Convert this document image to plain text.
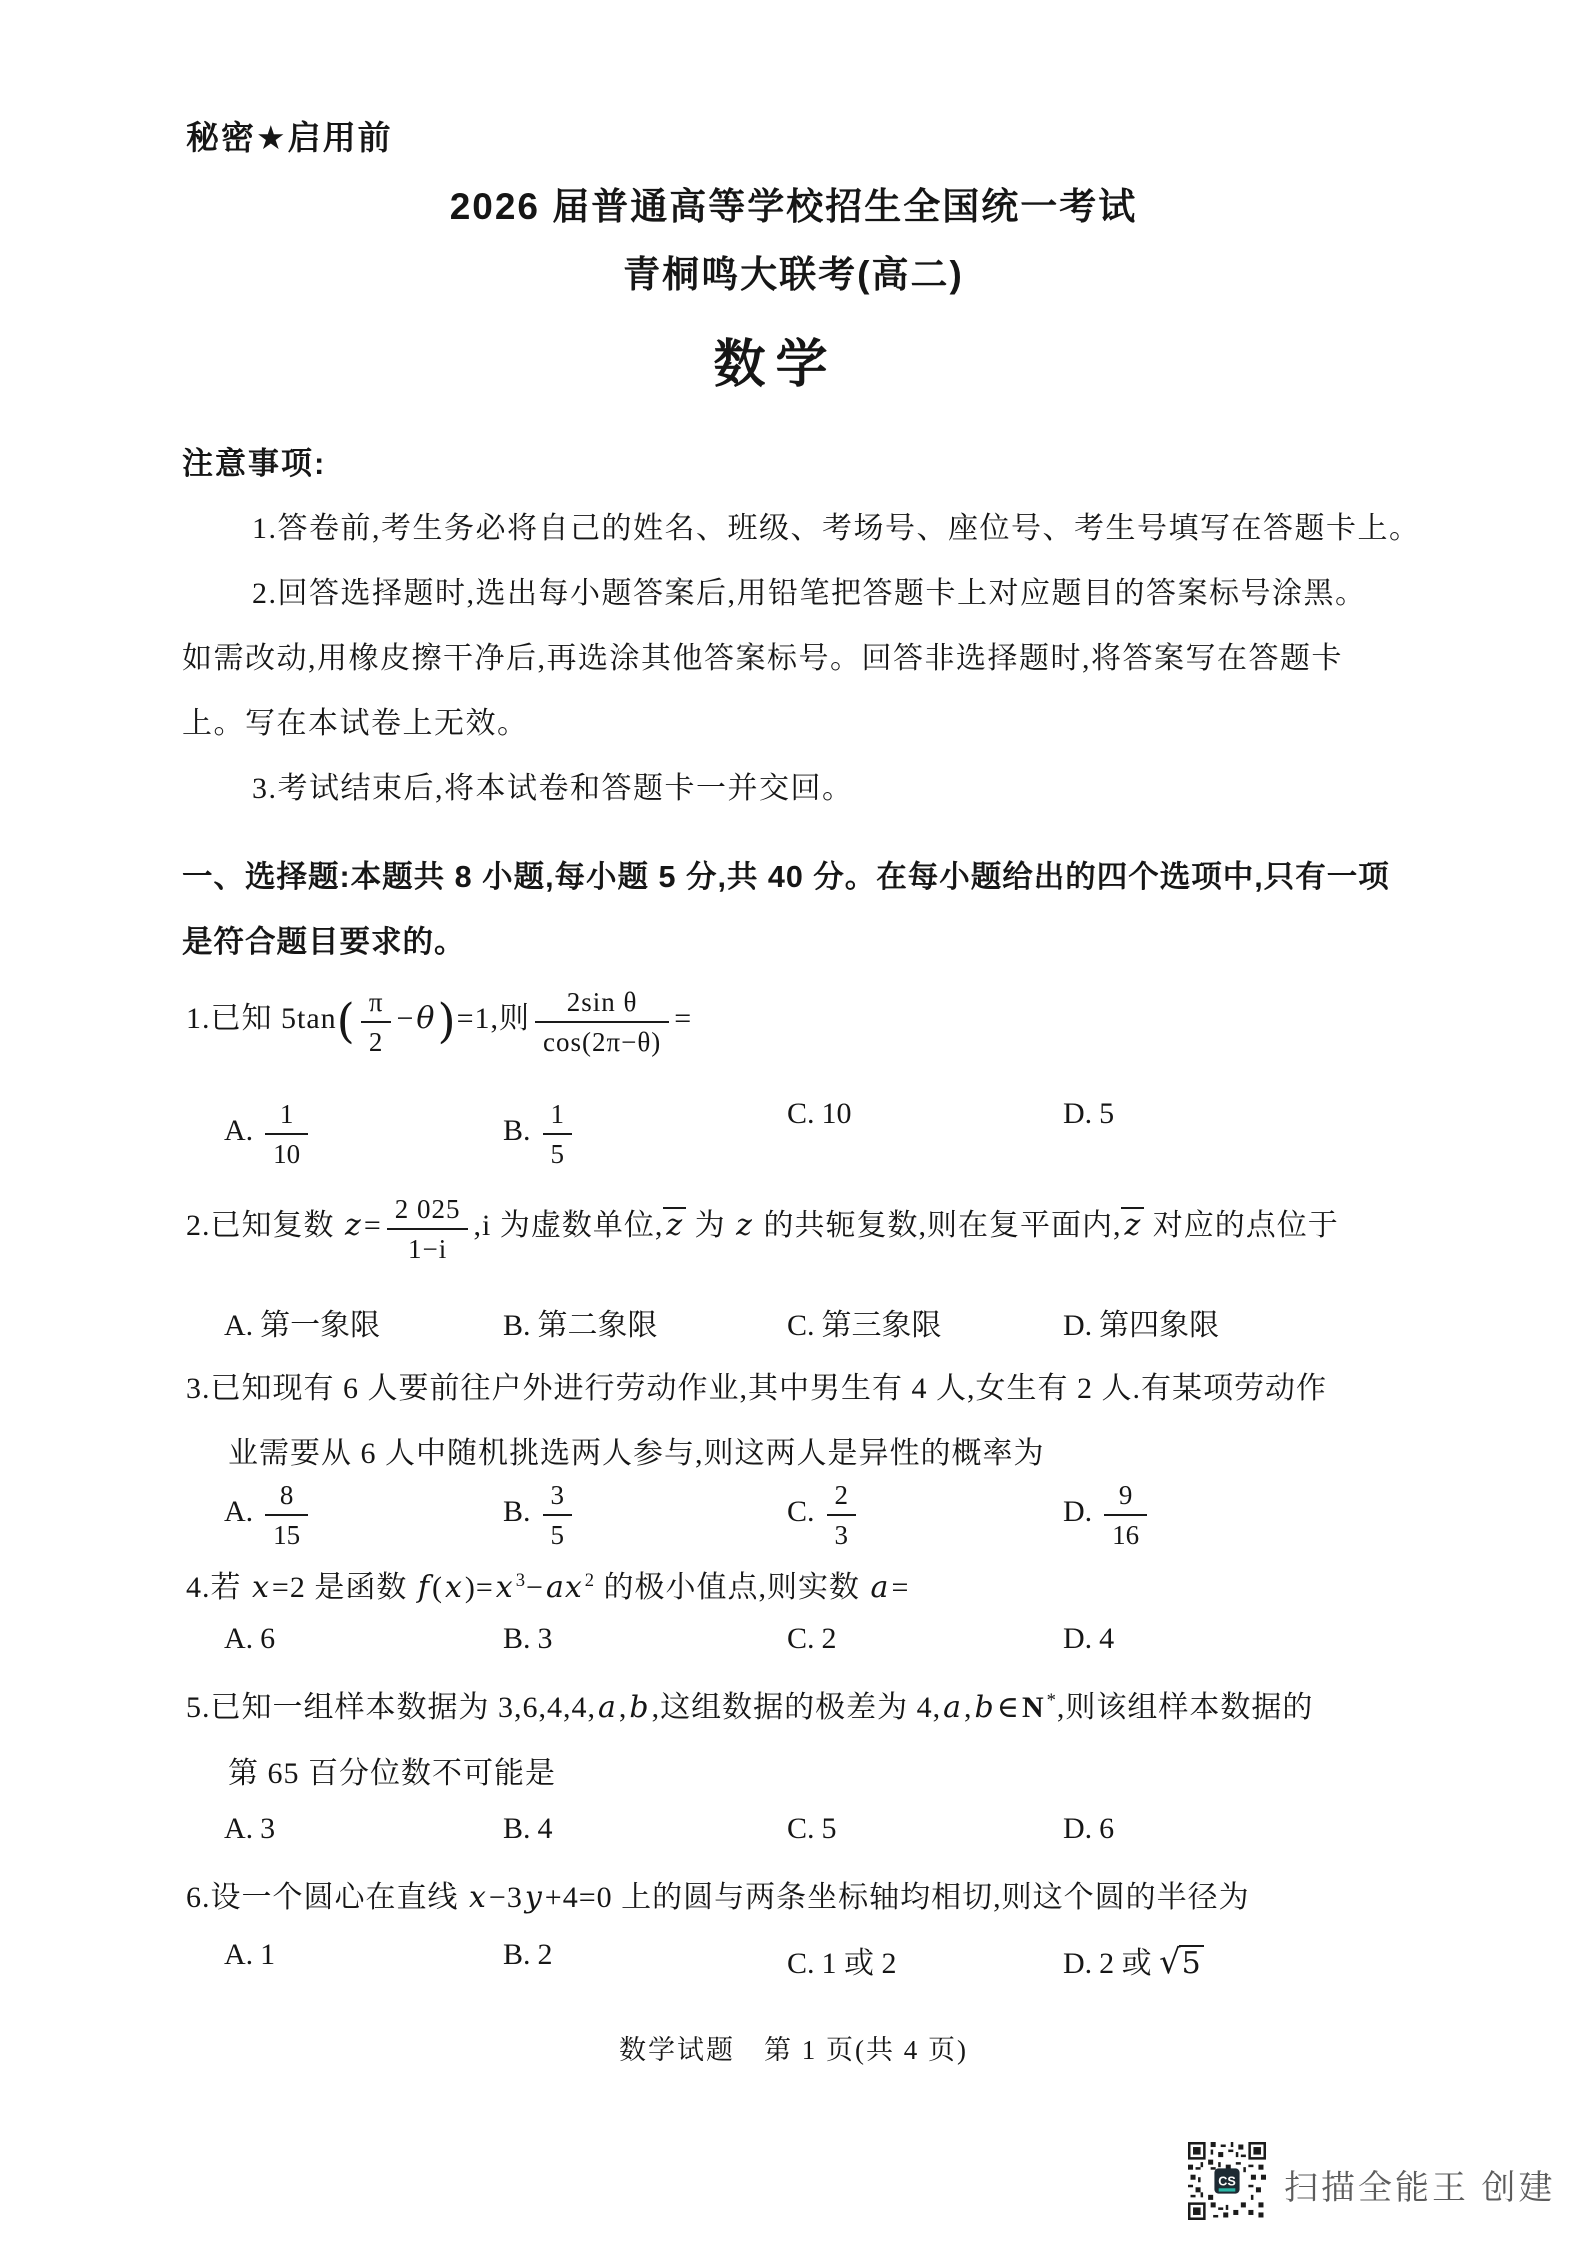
秘密★启用前
2026 届普通高等学校招生全国统一考试
青桐鸣大联考(高二)
数学
注意事项:
1.答卷前,考生务必将自己的姓名、班级、考场号、座位号、考生号填写在答题卡上。
2.回答选择题时,选出每小题答案后,用铅笔把答题卡上对应题目的答案标号涂黑。
如需改动,用橡皮擦干净后,再选涂其他答案标号。回答非选择题时,将答案写在答题卡
上。写在本试卷上无效。
3.考试结束后,将本试卷和答题卡一并交回。
一、选择题:本题共 8 小题,每小题 5 分,共 40 分。在每小题给出的四个选项中,只有一项
是符合题目要求的。
1.已知 $5\tan( \frac{\pi}{2} -\theta)=1$,则 $\frac{\text{2sin θ}}{\cos(2\pi-\theta)}$ =
A. $\frac{1}{10}$	B. $\frac{1}{5}$	C. 10	D. 5
2.已知复数 $z= \frac{2 025}{1-i} ,i$ 为虚数单位, z 为 z 的共轭复数,则在复平面内, z 对应的点位于
A. 第一象限	B. 第二象限	C. 第三象限	D. 第四象限
3.已知现有 6 人要前往户外进行劳动作业,其中男生有 4 人,女生有 2 人.有某项劳动作
业需要从 6 人中随机挑选两人参与,则这两人是异性的概率为
A. $\frac{8}{15}$	B. $\frac{3}{5}$	C. $\frac{2}{3}$	D. $\frac{9}{16}$
4.若 x=2 是函数 f(x)=x $^3$−ax $^2$ 的极小值点,则实数 a=
A. 6	B. 3	C. 2	D. 4
5.已知一组样本数据为 3,6,4,4,a,b,这组数据的极差为 4,a,b∈N *,则该组样本数据的
第 65 百分位数不可能是
A. 3	B. 4	C. 5	D. 6
6.设一个圆心在直线 x−3y+4=0 上的圆与两条坐标轴均相切,则这个圆的半径为
A. 1	B. 2	C. 1 或 2	D. 2 或 √5
数学试题　第 1 页(共 4 页)
CS 扫描全能王 创建
